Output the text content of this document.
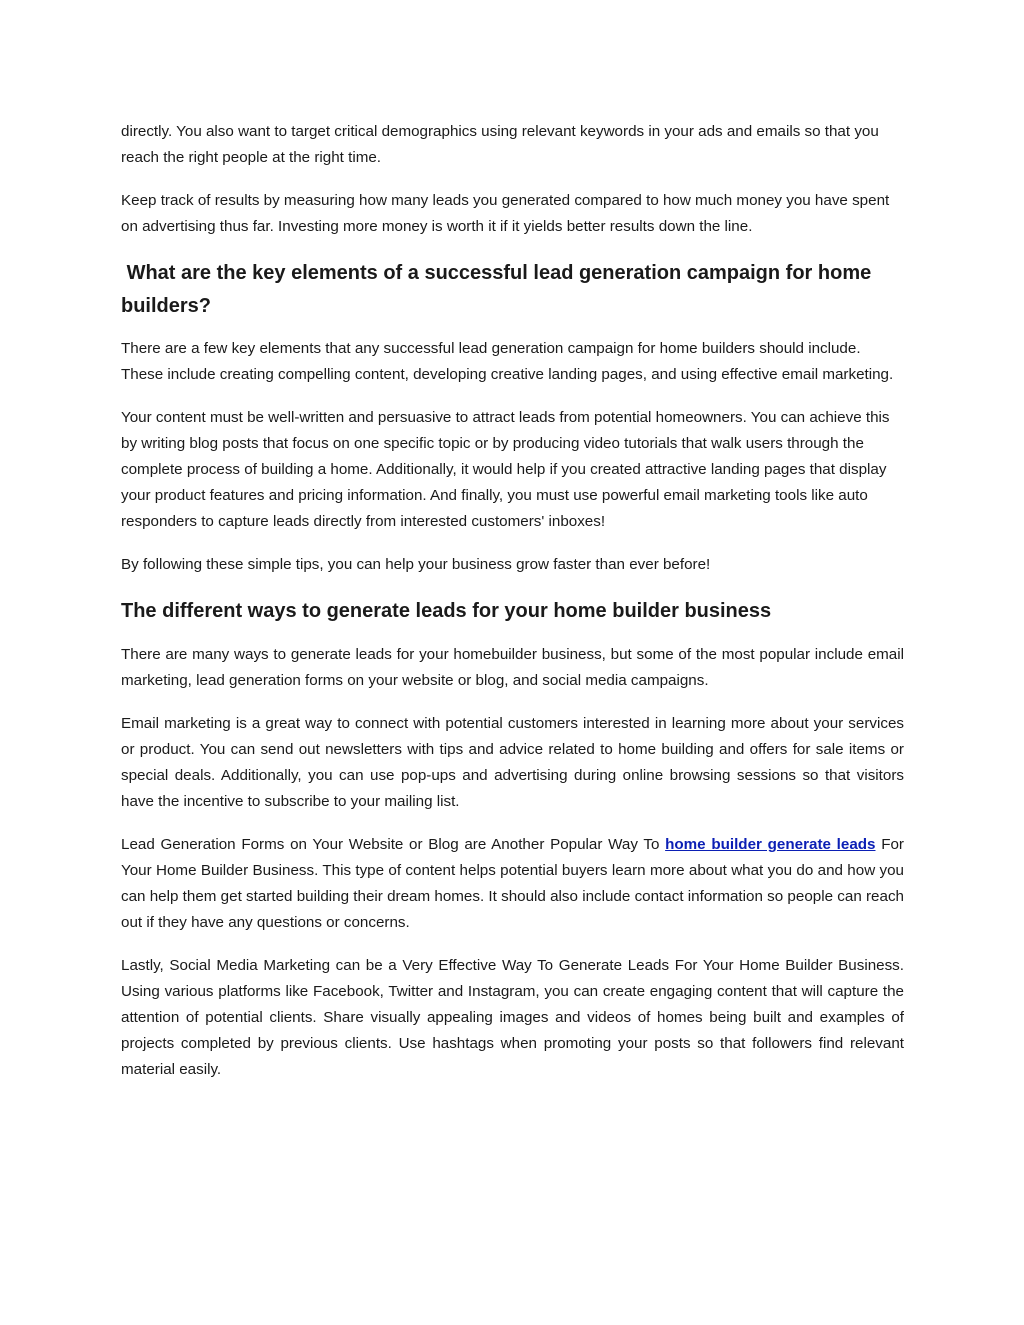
directly. You also want to target critical demographics using relevant keywords in your ads and emails so that you reach the right people at the right time.

Keep track of results by measuring how many leads you generated compared to how much money you have spent on advertising thus far. Investing more money is worth it if it yields better results down the line.

What are the key elements of a successful lead generation campaign for home builders?

There are a few key elements that any successful lead generation campaign for home builders should include. These include creating compelling content, developing creative landing pages, and using effective email marketing.

Your content must be well-written and persuasive to attract leads from potential homeowners. You can achieve this by writing blog posts that focus on one specific topic or by producing video tutorials that walk users through the complete process of building a home. Additionally, it would help if you created attractive landing pages that display your product features and pricing information. And finally, you must use powerful email marketing tools like auto responders to capture leads directly from interested customers' inboxes!

By following these simple tips, you can help your business grow faster than ever before!

The different ways to generate leads for your home builder business

There are many ways to generate leads for your homebuilder business, but some of the most popular include email marketing, lead generation forms on your website or blog, and social media campaigns.

Email marketing is a great way to connect with potential customers interested in learning more about your services or product. You can send out newsletters with tips and advice related to home building and offers for sale items or special deals. Additionally, you can use pop-ups and advertising during online browsing sessions so that visitors have the incentive to subscribe to your mailing list.

Lead Generation Forms on Your Website or Blog are Another Popular Way To home builder generate leads For Your Home Builder Business. This type of content helps potential buyers learn more about what you do and how you can help them get started building their dream homes. It should also include contact information so people can reach out if they have any questions or concerns.

Lastly, Social Media Marketing can be a Very Effective Way To Generate Leads For Your Home Builder Business. Using various platforms like Facebook, Twitter and Instagram, you can create engaging content that will capture the attention of potential clients. Share visually appealing images and videos of homes being built and examples of projects completed by previous clients. Use hashtags when promoting your posts so that followers find relevant material easily.
